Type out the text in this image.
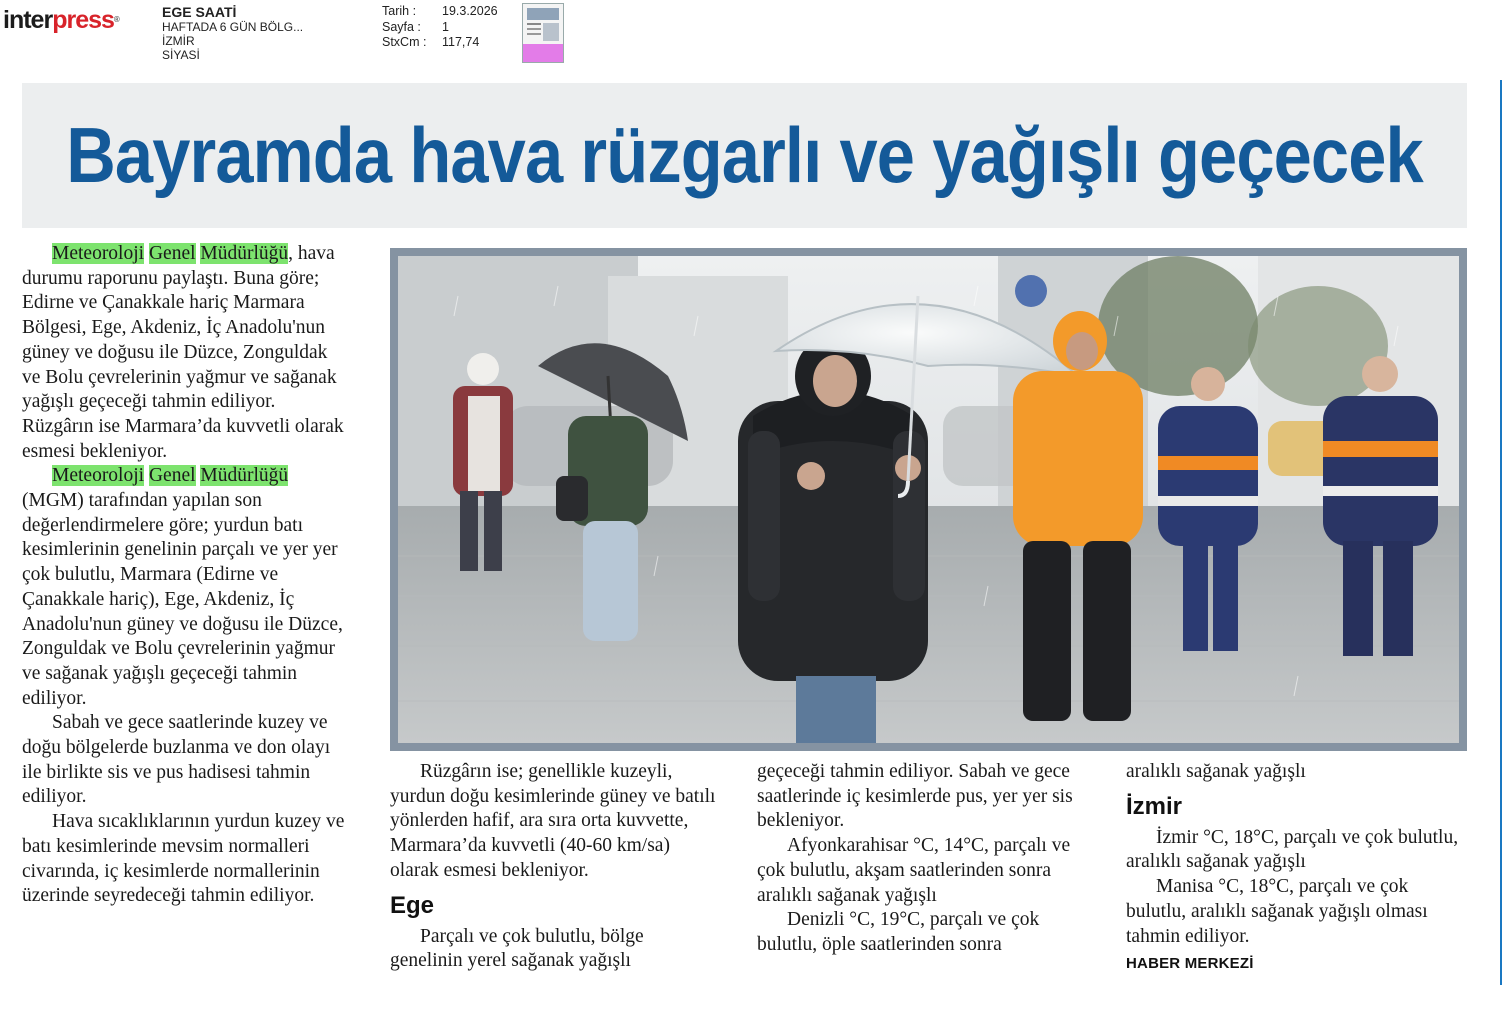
interpress®	EGE SAATİ
HAFTADA 6 GÜN BÖLG...
İZMİR
SİYASİ
Tarih :	19.3.2026
Sayfa :	1
StxCm :	117,74
Bayramda hava rüzgarlı ve yağışlı geçecek

Meteoroloji Genel Müdürlüğü, hava durumu raporunu paylaştı. Buna göre; Edirne ve Çanakkale hariç Marmara Bölgesi, Ege, Akdeniz, İç Anadolu'nun güney ve doğusu ile Düzce, Zonguldak ve Bolu çevrelerinin yağmur ve sağanak yağışlı geçeceği tahmin ediliyor. Rüzgârın ise Marmara’da kuvvetli olarak esmesi bekleniyor.

Meteoroloji Genel Müdürlüğü (MGM) tarafından yapılan son değerlendirmelere göre; yurdun batı kesimlerinin genelinin parçalı ve yer yer çok bulutlu, Marmara (Edirne ve Çanakkale hariç), Ege, Akdeniz, İç Anadolu'nun güney ve doğusu ile Düzce, Zonguldak ve Bolu çevrelerinin yağmur ve sağanak yağışlı geçeceği tahmin ediliyor.

Sabah ve gece saatlerinde kuzey ve doğu bölgelerde buzlanma ve don olayı ile birlikte sis ve pus hadisesi tahmin ediliyor.

Hava sıcaklıklarının yurdun kuzey ve batı kesimlerinde mevsim normalleri civarında, iç kesimlerde normallerinin üzerinde seyredeceği tahmin ediliyor.

Rüzgârın ise; genellikle kuzeyli, yurdun doğu kesimlerinde güney ve batılı yönlerden hafif, ara sıra orta kuvvette, Marmara’da kuvvetli (40-60 km/sa) olarak esmesi bekleniyor.

Ege

Parçalı ve çok bulutlu, bölge genelinin yerel sağanak yağışlı

geçeceği tahmin ediliyor. Sabah ve gece saatlerinde iç kesimlerde pus, yer yer sis bekleniyor.

Afyonkarahisar °C, 14°C, parçalı ve çok bulutlu, akşam saatlerinden sonra aralıklı sağanak yağışlı

Denizli °C, 19°C, parçalı ve çok bulutlu, öple saatlerinden sonra

aralıklı sağanak yağışlı

İzmir

İzmir °C, 18°C, parçalı ve çok bulutlu, aralıklı sağanak yağışlı

Manisa °C, 18°C, parçalı ve çok bulutlu, aralıklı sağanak yağışlı olması tahmin ediliyor.

HABER MERKEZİ
